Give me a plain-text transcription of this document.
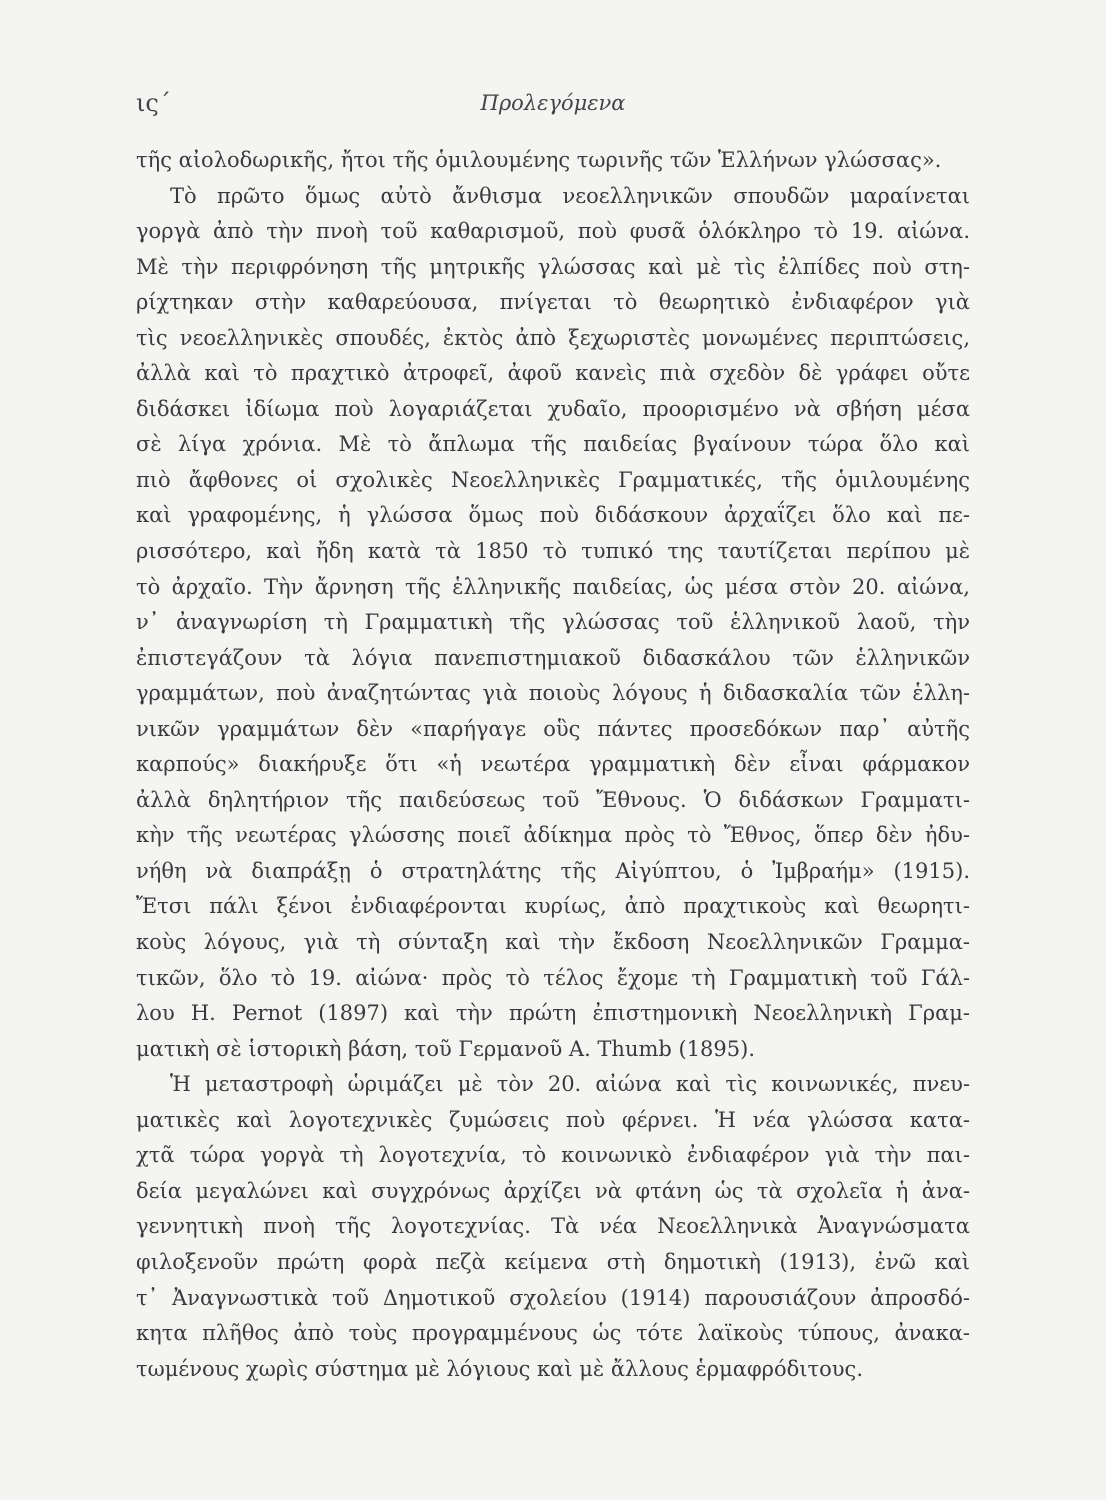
ις΄	Προλεγόμενα
τῆς αἰολοδωρικῆς, ἤτοι τῆς ὁμιλουμένης τωρινῆς τῶν Ἑλλήνων γλώσσας».
Τὸ πρῶτο ὅμως αὐτὸ ἄνθισμα νεοελληνικῶν σπουδῶν μαραίνεται
γοργὰ ἀπὸ τὴν πνοὴ τοῦ καθαρισμοῦ, ποὺ φυσᾶ ὁλόκληρο τὸ 19. αἰώνα.
Μὲ τὴν περιφρόνηση τῆς μητρικῆς γλώσσας καὶ μὲ τὶς ἐλπίδες ποὺ στη-
ρίχτηκαν στὴν καθαρεύουσα, πνίγεται τὸ θεωρητικὸ ἐνδιαφέρον γιὰ
τὶς νεοελληνικὲς σπουδές, ἐκτὸς ἀπὸ ξεχωριστὲς μονωμένες περιπτώσεις,
ἀλλὰ καὶ τὸ πραχτικὸ ἀτροφεῖ, ἀφοῦ κανεὶς πιὰ σχεδὸν δὲ γράφει οὔτε
διδάσκει ἰδίωμα ποὺ λογαριάζεται χυδαῖο, προορισμένο νὰ σβήση μέσα
σὲ λίγα χρόνια. Μὲ τὸ ἄπλωμα τῆς παιδείας βγαίνουν τώρα ὅλο καὶ
πιὸ ἄφθονες οἱ σχολικὲς Νεοελληνικὲς Γραμματικές, τῆς ὁμιλουμένης
καὶ γραφομένης, ἡ γλώσσα ὅμως ποὺ διδάσκουν ἀρχαΐζει ὅλο καὶ πε-
ρισσότερο, καὶ ἤδη κατὰ τὰ 1850 τὸ τυπικό της ταυτίζεται περίπου μὲ
τὸ ἀρχαῖο. Τὴν ἄρνηση τῆς ἑλληνικῆς παιδείας, ὡς μέσα στὸν 20. αἰώνα,
ν᾿ ἀναγνωρίση τὴ Γραμματικὴ τῆς γλώσσας τοῦ ἑλληνικοῦ λαοῦ, τὴν
ἐπιστεγάζουν τὰ λόγια πανεπιστημιακοῦ διδασκάλου τῶν ἑλληνικῶν
γραμμάτων, ποὺ ἀναζητώντας γιὰ ποιοὺς λόγους ἡ διδασκαλία τῶν ἑλλη-
νικῶν γραμμάτων δὲν «παρήγαγε οὓς πάντες προσεδόκων παρ᾿ αὐτῆς
καρπούς» διακήρυξε ὅτι «ἡ νεωτέρα γραμματικὴ δὲν εἶναι φάρμακον
ἀλλὰ δηλητήριον τῆς παιδεύσεως τοῦ Ἔθνους. Ὁ διδάσκων Γραμματι-
κὴν τῆς νεωτέρας γλώσσης ποιεῖ ἀδίκημα πρὸς τὸ Ἔθνος, ὅπερ δὲν ἠδυ-
νήθη νὰ διαπράξῃ ὁ στρατηλάτης τῆς Αἰγύπτου, ὁ Ἰμβραήμ» (1915).
Ἔτσι πάλι ξένοι ἐνδιαφέρονται κυρίως, ἀπὸ πραχτικοὺς καὶ θεωρητι-
κοὺς λόγους, γιὰ τὴ σύνταξη καὶ τὴν ἔκδοση Νεοελληνικῶν Γραμμα-
τικῶν, ὅλο τὸ 19. αἰώνα· πρὸς τὸ τέλος ἔχομε τὴ Γραμματικὴ τοῦ Γάλ-
λου H. Pernot (1897) καὶ τὴν πρώτη ἐπιστημονικὴ Νεοελληνικὴ Γραμ-
ματικὴ σὲ ἱστορικὴ βάση, τοῦ Γερμανοῦ A. Thumb (1895).
Ἡ μεταστροφὴ ὡριμάζει μὲ τὸν 20. αἰώνα καὶ τὶς κοινωνικές, πνευ-
ματικὲς καὶ λογοτεχνικὲς ζυμώσεις ποὺ φέρνει. Ἡ νέα γλώσσα κατα-
χτᾶ τώρα γοργὰ τὴ λογοτεχνία, τὸ κοινωνικὸ ἐνδιαφέρον γιὰ τὴν παι-
δεία μεγαλώνει καὶ συγχρόνως ἀρχίζει νὰ φτάνη ὡς τὰ σχολεῖα ἡ ἀνα-
γεννητικὴ πνοὴ τῆς λογοτεχνίας. Τὰ νέα Νεοελληνικὰ Ἀναγνώσματα
φιλοξενοῦν πρώτη φορὰ πεζὰ κείμενα στὴ δημοτικὴ (1913), ἐνῶ καὶ
τ᾿ Ἀναγνωστικὰ τοῦ Δημοτικοῦ σχολείου (1914) παρουσιάζουν ἀπροσδό-
κητα πλῆθος ἀπὸ τοὺς προγραμμένους ὡς τότε λαϊκοὺς τύπους, ἀνακα-
τωμένους χωρὶς σύστημα μὲ λόγιους καὶ μὲ ἄλλους ἑρμαφρόδιτους.
